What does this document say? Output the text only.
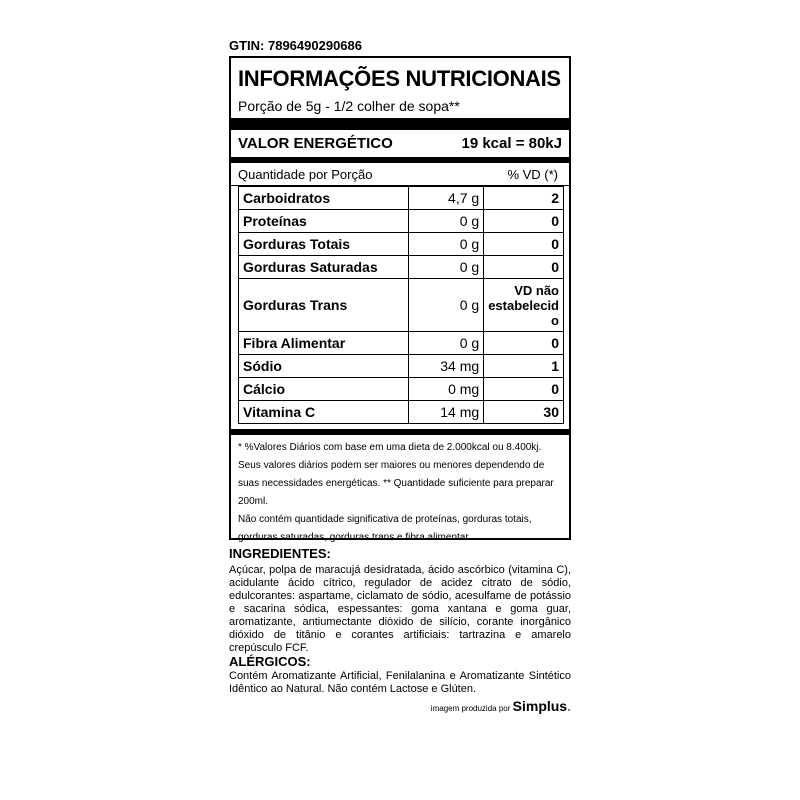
GTIN: 7896490290686
INFORMAÇÕES NUTRICIONAIS
Porção de 5g - 1/2 colher de sopa**
VALOR ENERGÉTICO	19 kcal = 80kJ
Quantidade por Porção	% VD (*)
Carboidratos	4,7 g	2
Proteínas	0 g	0
Gorduras Totais	0 g	0
Gorduras Saturadas	0 g	0
Gorduras Trans	0 g	VD não estabelecid o
Fibra Alimentar	0 g	0
Sódio	34 mg	1
Cálcio	0 mg	0
Vitamina C	14 mg	30

* %Valores Diários com base em uma dieta de 2.000kcal ou 8.400kj. Seus valores diários podem ser maiores ou menores dependendo de suas necessidades energéticas. ** Quantidade suficiente para preparar 200ml.

Não contém quantidade significativa de proteínas, gorduras totais, gorduras saturadas, gorduras trans e fibra alimentar.

INGREDIENTES:
Açúcar, polpa de maracujá desidratada, ácido ascórbico (vitamina C), acidulante ácido cítrico, regulador de acidez citrato de sódio, edulcorantes: aspartame, ciclamato de sódio, acesulfame de potássio e sacarina sódica, espessantes: goma xantana e goma guar, aromatizante, antiumectante dióxido de silício, corante inorgânico dióxido de titânio e corantes artificiais: tartrazina e amarelo crepúsculo FCF.
ALÉRGICOS:
Contém Aromatizante Artificial, Fenilalanina e Aromatizante Sintético Idêntico ao Natural. Não contém Lactose e Glúten.
imagem produzida por Simplus.
